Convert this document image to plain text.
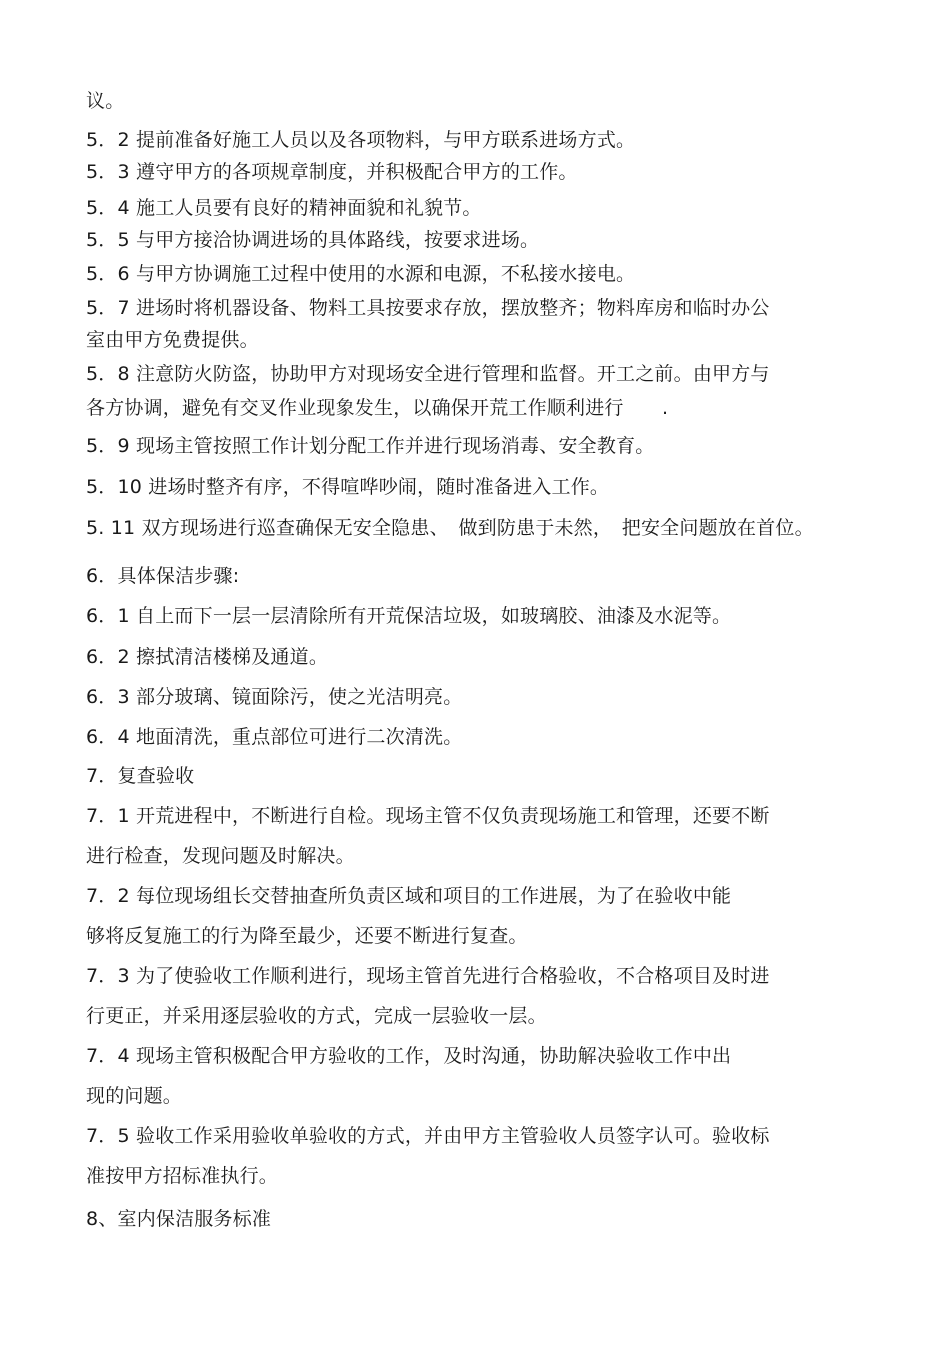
议。
5．2 提前准备好施工人员以及各项物料，与甲方联系进场方式。
5．3 遵守甲方的各项规章制度，并积极配合甲方的工作。
5．4 施工人员要有良好的精神面貌和礼貌节。
5．5 与甲方接洽协调进场的具体路线，按要求进场。
5．6 与甲方协调施工过程中使用的水源和电源，不私接水接电。
5．7 进场时将机器设备、物料工具按要求存放，摆放整齐；物料库房和临时办公
室由甲方免费提供。
5．8 注意防火防盗，协助甲方对现场安全进行管理和监督。开工之前。由甲方与
各方协调，避免有交叉作业现象发生，以确保开荒工作顺利进行　　.
5．9 现场主管按照工作计划分配工作并进行现场消毒、安全教育。
5．10 进场时整齐有序，不得喧哗吵闹，随时准备进入工作。
5. 11 双方现场进行巡查确保无安全隐患、　做到防患于未然，　把安全问题放在首位。
6．具体保洁步骤:
6．1 自上而下一层一层清除所有开荒保洁垃圾，如玻璃胶、油漆及水泥等。
6．2 擦拭清洁楼梯及通道。
6．3 部分玻璃、镜面除污，使之光洁明亮。
6．4 地面清洗，重点部位可进行二次清洗。
7．复查验收
7．1 开荒进程中，不断进行自检。现场主管不仅负责现场施工和管理，还要不断
进行检查，发现问题及时解决。
7．2 每位现场组长交替抽查所负责区域和项目的工作进展，为了在验收中能
够将反复施工的行为降至最少，还要不断进行复查。
7．3 为了使验收工作顺利进行，现场主管首先进行合格验收，不合格项目及时进
行更正，并采用逐层验收的方式，完成一层验收一层。
7．4 现场主管积极配合甲方验收的工作，及时沟通，协助解决验收工作中出
现的问题。
7．5 验收工作采用验收单验收的方式，并由甲方主管验收人员签字认可。验收标
准按甲方招标准执行。
8、室内保洁服务标准
